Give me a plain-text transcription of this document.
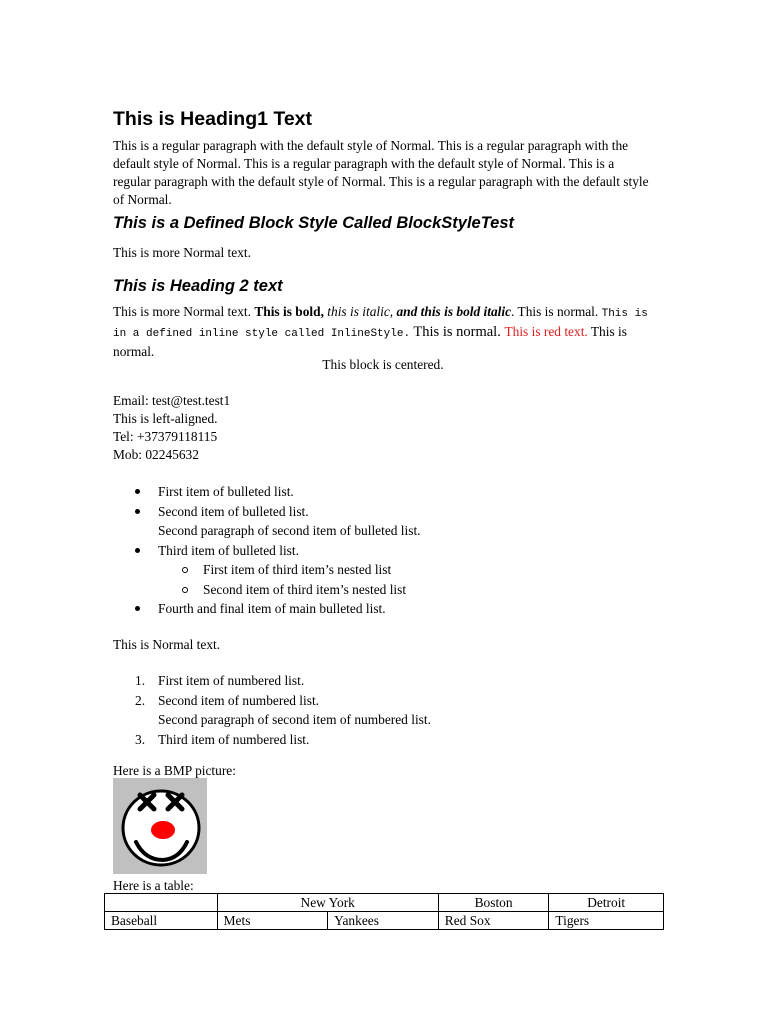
This is Heading1 Text

This is a regular paragraph with the default style of Normal. This is a regular paragraph with the default style of Normal. This is a regular paragraph with the default style of Normal. This is a regular paragraph with the default style of Normal. This is a regular paragraph with the default style of Normal.

This is a Defined Block Style Called BlockStyleTest

This is more Normal text.

This is Heading 2 text

This is more Normal text. This is bold, this is italic, and this is bold italic. This is normal. This is in a defined inline style called InlineStyle. This is normal. This is red text. This is normal.

This block is centered.

Email: test@test.test1

This is left-aligned.

Tel: +37379118115

Mob: 02245632

First item of bulleted list.
Second item of bulleted list.
Second paragraph of second item of bulleted list.
Third item of bulleted list.
First item of third item’s nested list
Second item of third item’s nested list
Fourth and final item of main bulleted list.

This is Normal text.

1. First item of numbered list.
2. Second item of numbered list.
Second paragraph of second item of numbered list.
3. Third item of numbered list.

Here is a BMP picture:

Here is a table:

	New York		Boston	Detroit
Baseball	Mets	Yankees	Red Sox	Tigers
